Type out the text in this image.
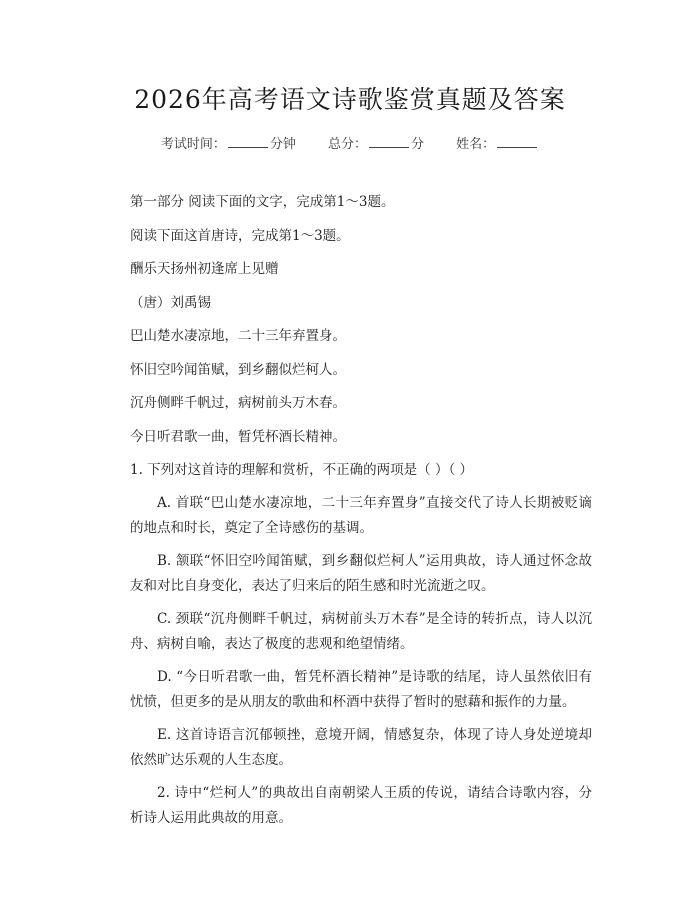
2026年高考语文诗歌鉴赏真题及答案
考试时间：	分钟 总分：	分 姓名：

第一部分 阅读下面的文字，完成第1～3题。

阅读下面这首唐诗，完成第1～3题。

酬乐天扬州初逢席上见赠

（唐）刘禹锡

巴山楚水凄凉地，二十三年弃置身。

怀旧空吟闻笛赋，到乡翻似烂柯人。

沉舟侧畔千帆过，病树前头万木春。

今日听君歌一曲，暂凭杯酒长精神。

1. 下列对这首诗的理解和赏析，不正确的两项是（ ）（ ）

A. 首联“巴山楚水凄凉地，二十三年弃置身”直接交代了诗人长期被贬谪的地点和时长，奠定了全诗感伤的基调。

B. 颔联“怀旧空吟闻笛赋，到乡翻似烂柯人”运用典故，诗人通过怀念故友和对比自身变化，表达了归来后的陌生感和时光流逝之叹。

C. 颈联“沉舟侧畔千帆过，病树前头万木春”是全诗的转折点，诗人以沉舟、病树自喻，表达了极度的悲观和绝望情绪。

D. “今日听君歌一曲，暂凭杯酒长精神”是诗歌的结尾，诗人虽然依旧有忧愤，但更多的是从朋友的歌曲和杯酒中获得了暂时的慰藉和振作的力量。

E. 这首诗语言沉郁顿挫，意境开阔，情感复杂，体现了诗人身处逆境却依然旷达乐观的人生态度。

2. 诗中“烂柯人”的典故出自南朝梁人王质的传说，请结合诗歌内容，分析诗人运用此典故的用意。
